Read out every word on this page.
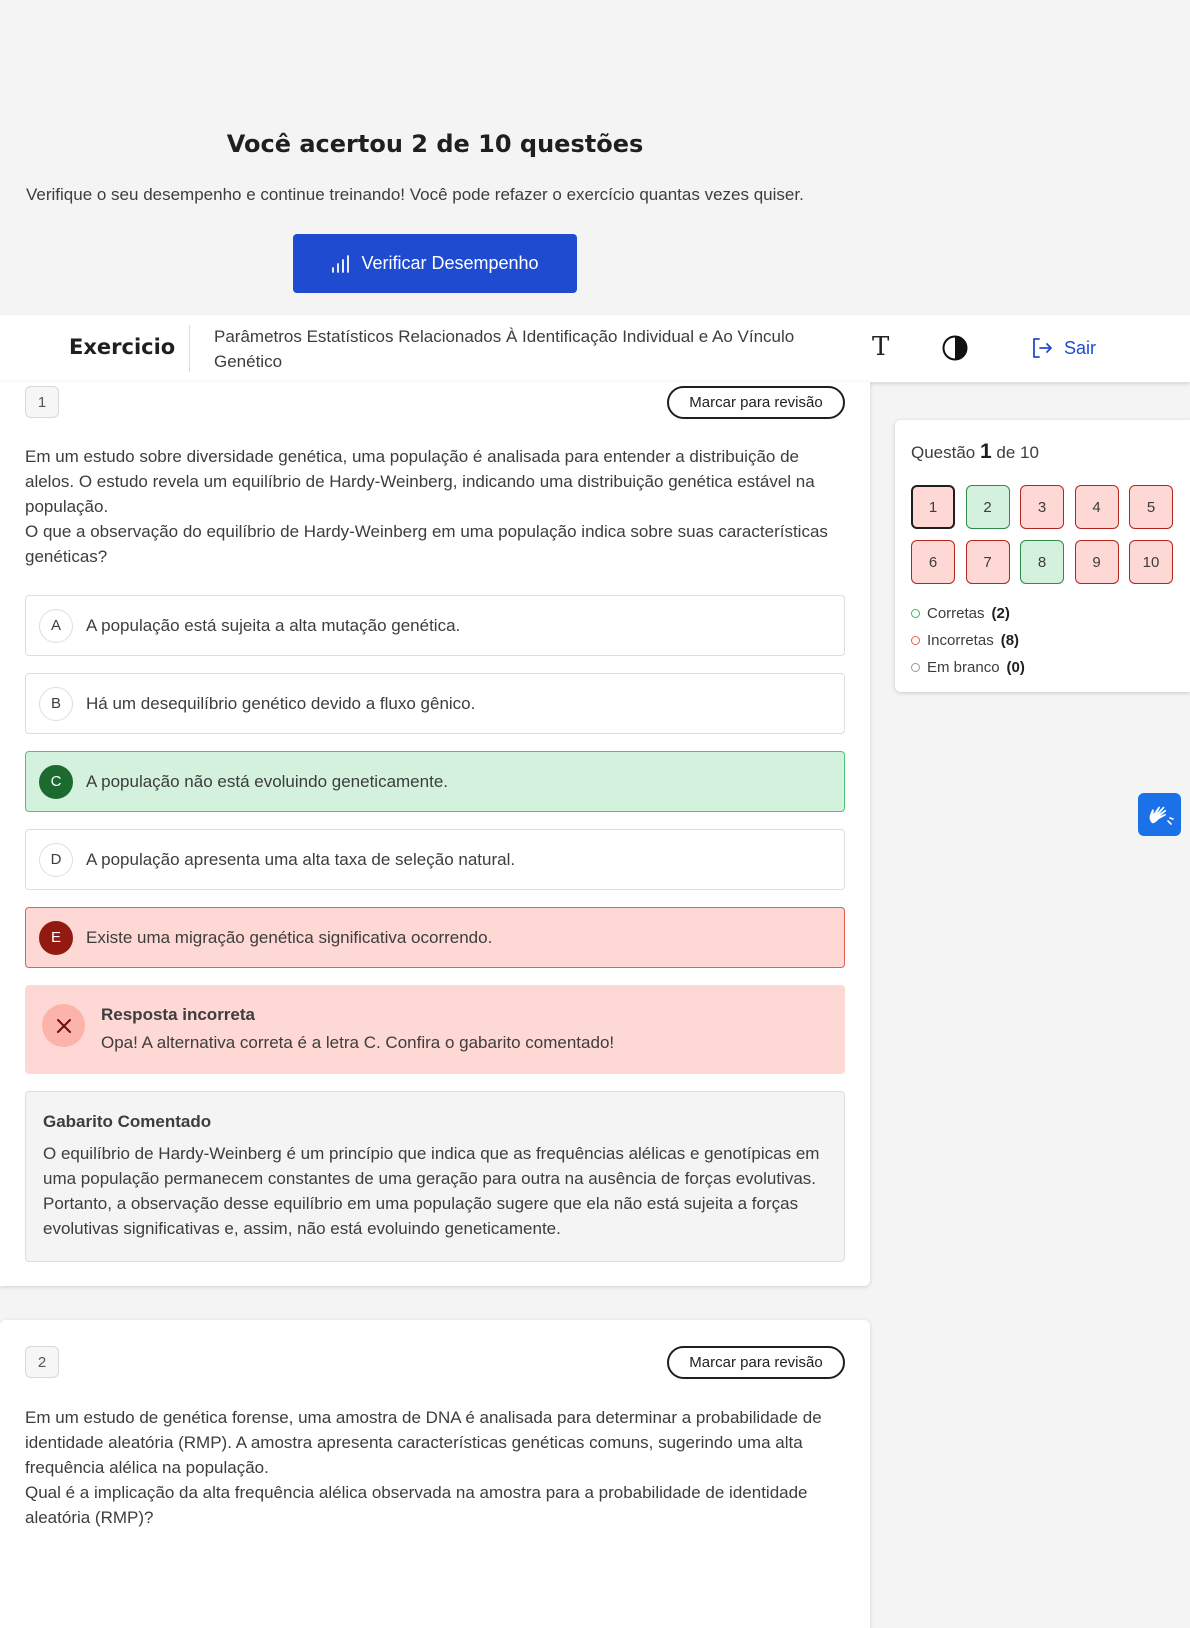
Você acertou 2 de 10 questões
Verifique o seu desempenho e continue treinando! Você pode refazer o exercício quantas vezes quiser.
Verificar Desempenho
Exercicio Parâmetros Estatísticos Relacionados À Identificação Individual e Ao Vínculo Genético	T	Sair
1	Marcar para revisão

Em um estudo sobre diversidade genética, uma população é analisada para entender a distribuição de alelos. O estudo revela um equilíbrio de Hardy-Weinberg, indicando uma distribuição genética estável na população.

O que a observação do equilíbrio de Hardy-Weinberg em uma população indica sobre suas características genéticas?

A	A população está sujeita a alta mutação genética.
B	Há um desequilíbrio genético devido a fluxo gênico.
C	A população não está evoluindo geneticamente.
D	A população apresenta uma alta taxa de seleção natural.
E	Existe uma migração genética significativa ocorrendo.
Resposta incorreta
Opa! A alternativa correta é a letra C. Confira o gabarito comentado!
Gabarito Comentado
O equilíbrio de Hardy-Weinberg é um princípio que indica que as frequências alélicas e genotípicas em uma população permanecem constantes de uma geração para outra na ausência de forças evolutivas. Portanto, a observação desse equilíbrio em uma população sugere que ela não está sujeita a forças evolutivas significativas e, assim, não está evoluindo geneticamente.
2	Marcar para revisão

Em um estudo de genética forense, uma amostra de DNA é analisada para determinar a probabilidade de identidade aleatória (RMP). A amostra apresenta características genéticas comuns, sugerindo uma alta frequência alélica na população.

Qual é a implicação da alta frequência alélica observada na amostra para a probabilidade de identidade aleatória (RMP)?

Questão 1 de 10
1	2	3	4	5
6	7	8	9	10
Corretas (2)
Incorretas (8)
Em branco (0)
